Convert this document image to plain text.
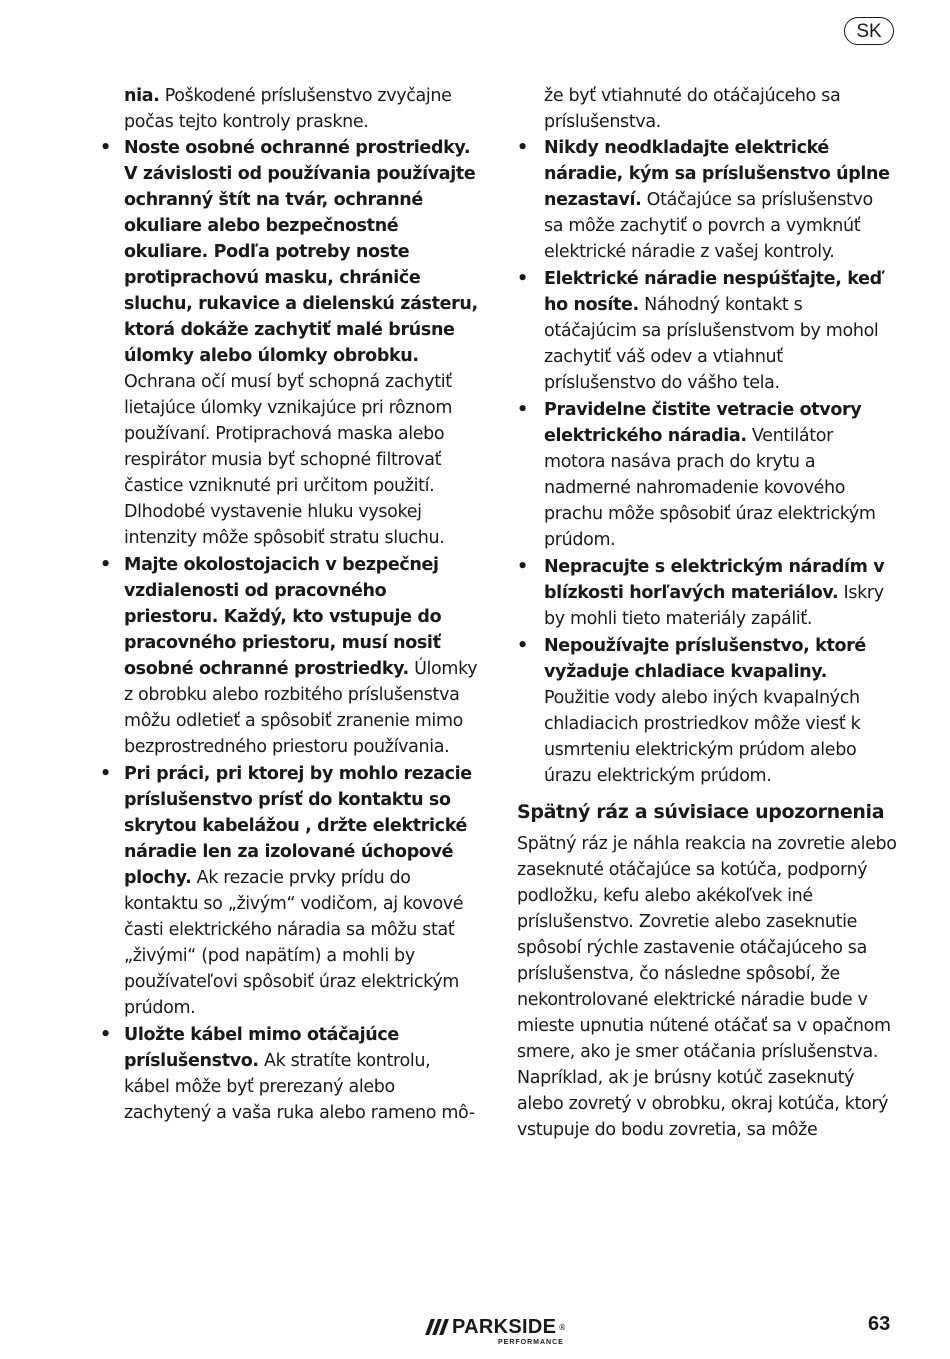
SK
nia. Poškodené príslušenstvo zvyčajne počas tejto kontroly praskne.
• Noste osobné ochranné prostriedky. V závislosti od používania používajte ochranný štít na tvár, ochranné okuliare alebo bezpečnostné okuliare. Podľa potreby noste protiprachovú masku, chrániče sluchu, rukavice a dielenskú zásteru, ktorá dokáže zachytiť malé brúsne úlomky alebo úlomky obrobku. Ochrana očí musí byť schopná zachytiť lietajúce úlomky vznikajúce pri rôznom používaní. Protiprachová maska alebo respirátor musia byť schopné filtrovať častice vzniknuté pri určitom použití. Dlhodobé vystavenie hluku vysokej intenzity môže spôsobiť stratu sluchu.
• Majte okolostojacich v bezpečnej vzdialenosti od pracovného priestoru. Každý, kto vstupuje do pracovného priestoru, musí nosiť osobné ochranné prostriedky. Úlomky z obrobku alebo rozbitého príslušenstva môžu odletieť a spôsobiť zranenie mimo bezprostredného priestoru používania.
• Pri práci, pri ktorej by mohlo rezacie príslušenstvo prísť do kontaktu so skrytou kabelážou , držte elektrické náradie len za izolované úchopové plochy. Ak rezacie prvky prídu do kontaktu so „živým“ vodičom, aj kovové časti elektrického náradia sa môžu stať „živými“ (pod napätím) a mohli by používateľovi spôsobiť úraz elektrickým prúdom.
• Uložte kábel mimo otáčajúce príslušenstvo. Ak stratíte kontrolu, kábel môže byť prerezaný alebo zachytený a vaša ruka alebo rameno mô-
že byť vtiahnuté do otáčajúceho sa príslušenstva.
• Nikdy neodkladajte elektrické náradie, kým sa príslušenstvo úplne nezastaví. Otáčajúce sa príslušenstvo sa môže zachytiť o povrch a vymknúť elektrické náradie z vašej kontroly.
• Elektrické náradie nespúšťajte, keď ho nosíte. Náhodný kontakt s otáčajúcim sa príslušenstvom by mohol zachytiť váš odev a vtiahnuť príslušenstvo do vášho tela.
• Pravidelne čistite vetracie otvory elektrického náradia. Ventilátor motora nasáva prach do krytu a nadmerné nahromadenie kovového prachu môže spôsobiť úraz elektrickým prúdom.
• Nepracujte s elektrickým náradím v blízkosti horľavých materiálov. Iskry by mohli tieto materiály zapáliť.
• Nepoužívajte príslušenstvo, ktoré vyžaduje chladiace kvapaliny. Použitie vody alebo iných kvapalných chladiacich prostriedkov môže viesť k usmrteniu elektrickým prúdom alebo úrazu elektrickým prúdom.
Spätný ráz a súvisiace upozornenia

Spätný ráz je náhla reakcia na zovretie alebo zaseknuté otáčajúce sa kotúča, podporný podložku, kefu alebo akékoľvek iné príslušenstvo. Zovretie alebo zaseknutie spôsobí rýchle zastavenie otáčajúceho sa príslušenstva, čo následne spôsobí, že nekontrolované elektrické náradie bude v mieste upnutia nútené otáčať sa v opačnom smere, ako je smer otáčania príslušenstva.

Napríklad, ak je brúsny kotúč zaseknutý alebo zovretý v obrobku, okraj kotúča, ktorý vstupuje do bodu zovretia, sa môže

PARKSIDE ®
PERFORMANCE
63
